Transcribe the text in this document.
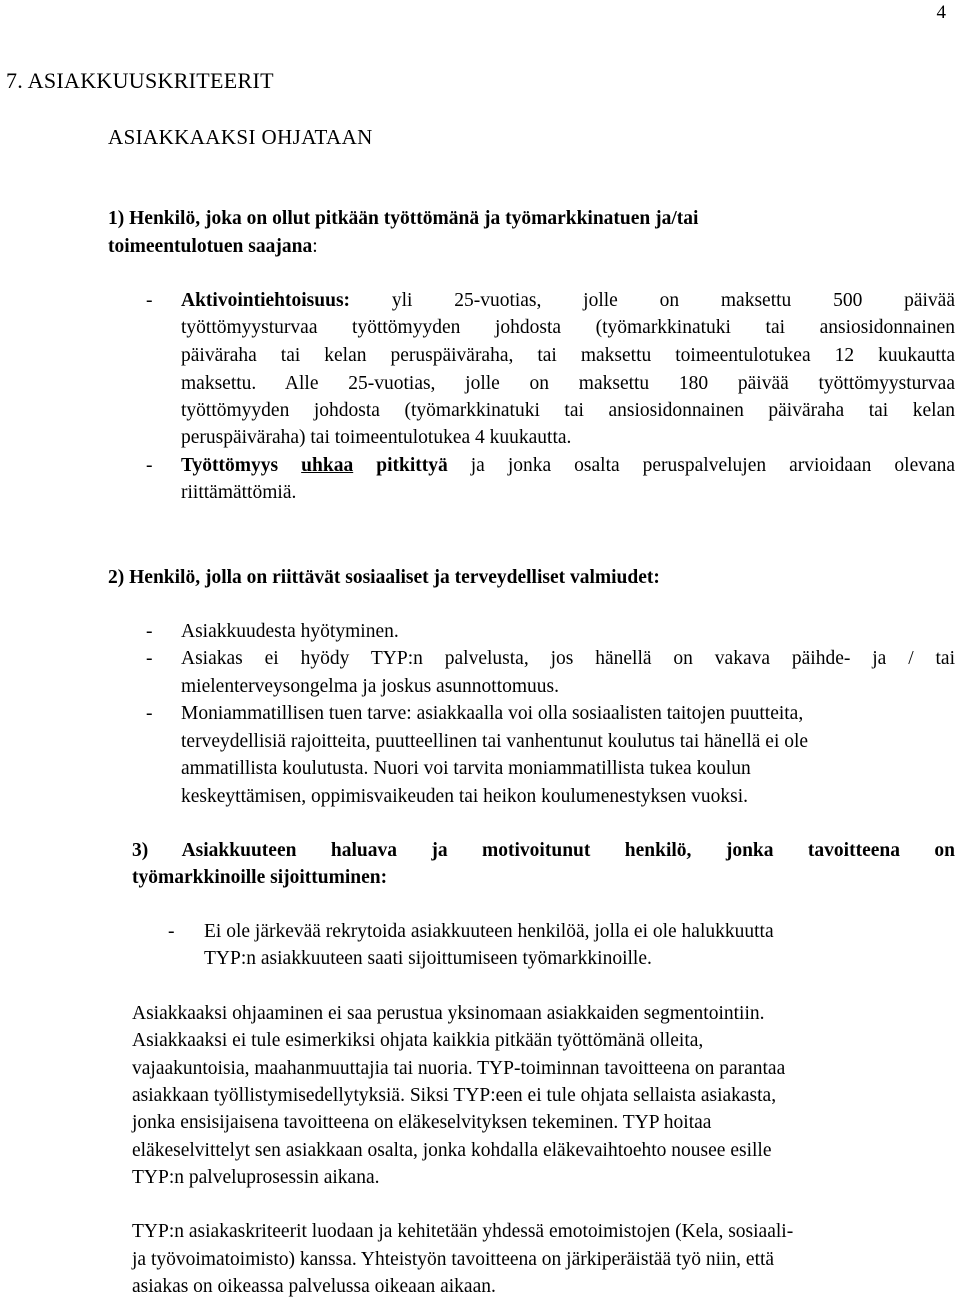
4
7. ASIAKKUUSKRITEERIT
ASIAKKAAKSI OHJATAAN
1) Henkilö, joka on ollut pitkään työttömänä ja työmarkkinatuen ja/tai
toimeentulotuen saajana:
- Aktivointiehtoisuus: yli 25-vuotias, jolle on maksettu 500 päivää
työttömyysturvaa työttömyyden johdosta (työmarkkinatuki tai ansiosidonnainen
päiväraha tai kelan peruspäiväraha, tai maksettu toimeentulotukea 12 kuukautta
maksettu. Alle 25-vuotias, jolle on maksettu 180 päivää työttömyysturvaa
työttömyyden johdosta (työmarkkinatuki tai ansiosidonnainen päiväraha tai kelan
peruspäiväraha) tai toimeentulotukea 4 kuukautta.
- Työttömyys uhkaa pitkittyä ja jonka osalta peruspalvelujen arvioidaan olevana
riittämättömiä.
2) Henkilö, jolla on riittävät sosiaaliset ja terveydelliset valmiudet:
- Asiakkuudesta hyötyminen.
- Asiakas ei hyödy TYP:n palvelusta, jos hänellä on vakava päihde- ja / tai
mielenterveysongelma ja joskus asunnottomuus.
- Moniammatillisen tuen tarve: asiakkaalla voi olla sosiaalisten taitojen puutteita,
terveydellisiä rajoitteita, puutteellinen tai vanhentunut koulutus tai hänellä ei ole
ammatillista koulutusta. Nuori voi tarvita moniammatillista tukea koulun
keskeyttämisen, oppimisvaikeuden tai heikon koulumenestyksen vuoksi.
3) Asiakkuuteen haluava ja motivoitunut henkilö, jonka tavoitteena on
työmarkkinoille sijoittuminen:
- Ei ole järkevää rekrytoida asiakkuuteen henkilöä, jolla ei ole halukkuutta
TYP:n asiakkuuteen saati sijoittumiseen työmarkkinoille.
Asiakkaaksi ohjaaminen ei saa perustua yksinomaan asiakkaiden segmentointiin.
Asiakkaaksi ei tule esimerkiksi ohjata kaikkia pitkään työttömänä olleita,
vajaakuntoisia, maahanmuuttajia tai nuoria. TYP-toiminnan tavoitteena on parantaa
asiakkaan työllistymisedellytyksiä. Siksi TYP:een ei tule ohjata sellaista asiakasta,
jonka ensisijaisena tavoitteena on eläkeselvityksen tekeminen. TYP hoitaa
eläkeselvittelyt sen asiakkaan osalta, jonka kohdalla eläkevaihtoehto nousee esille
TYP:n palveluprosessin aikana.
TYP:n asiakaskriteerit luodaan ja kehitetään yhdessä emotoimistojen (Kela, sosiaali-
ja työvoimatoimisto) kanssa. Yhteistyön tavoitteena on järkiperäistää työ niin, että
asiakas on oikeassa palvelussa oikeaan aikaan.
